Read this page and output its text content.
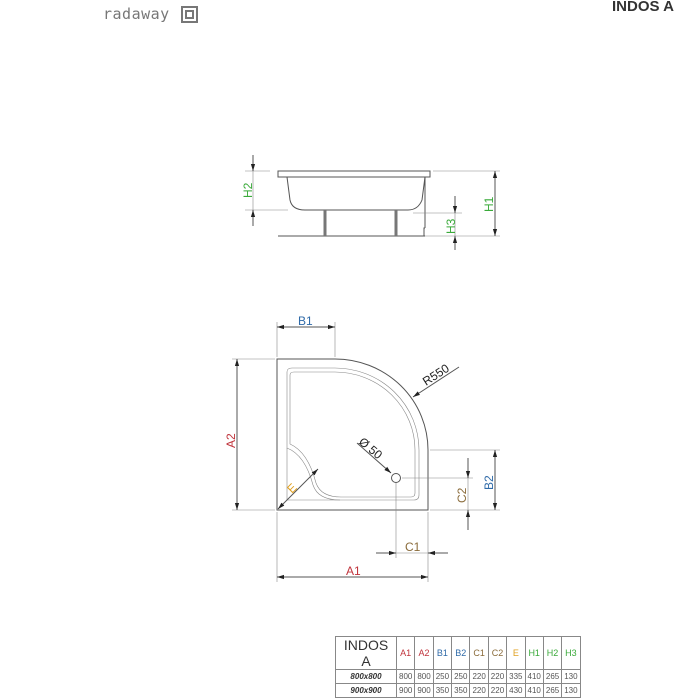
radaway	INDOS A
H2
H3
H1
B1
A2
A1
C1
C2
B2
R550
Ø 50
E
INDOS A	A1	A2	B1	B2	C1	C2	E	H1	H2	H3
800x800	800	800	250	250	220	220	335	410	265	130
900x900	900	900	350	350	220	220	430	410	265	130
